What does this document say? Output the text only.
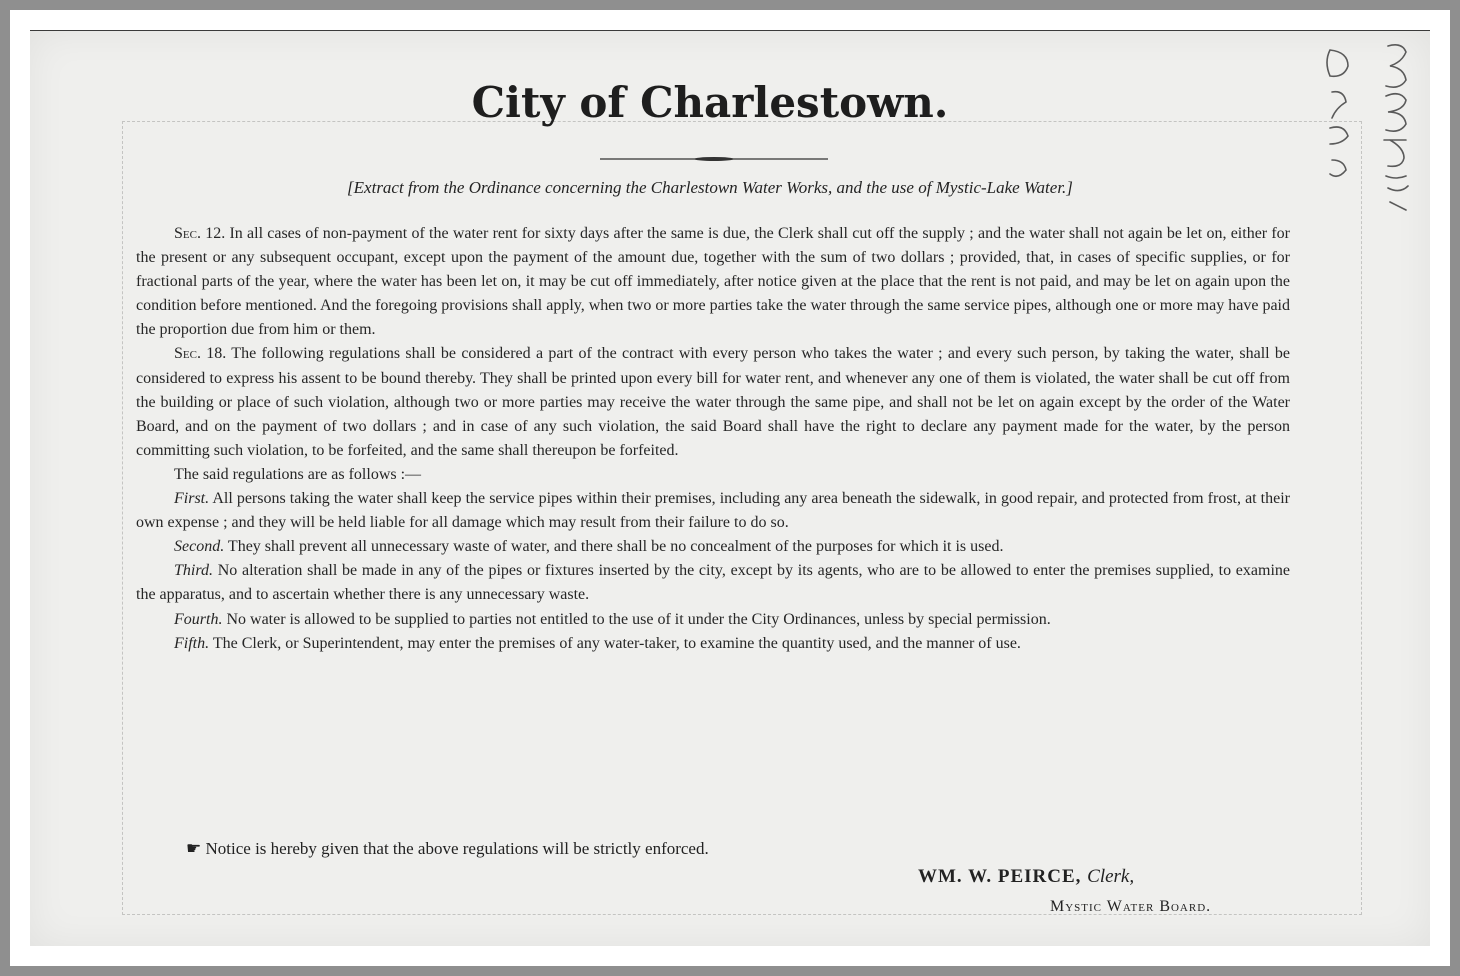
City of Charlestown.

[Extract from the Ordinance concerning the Charlestown Water Works, and the use of Mystic-Lake Water.]

Sec. 12. In all cases of non-payment of the water rent for sixty days after the same is due, the Clerk shall cut off the supply ; and the water shall not again be let on, either for the present or any subsequent occupant, except upon the payment of the amount due, together with the sum of two dollars ; provided, that, in cases of specific supplies, or for fractional parts of the year, where the water has been let on, it may be cut off immediately, after notice given at the place that the rent is not paid, and may be let on again upon the condition before mentioned. And the foregoing provisions shall apply, when two or more parties take the water through the same service pipes, although one or more may have paid the proportion due from him or them.

Sec. 18. The following regulations shall be considered a part of the contract with every person who takes the water ; and every such person, by taking the water, shall be considered to express his assent to be bound thereby. They shall be printed upon every bill for water rent, and whenever any one of them is violated, the water shall be cut off from the building or place of such violation, although two or more parties may receive the water through the same pipe, and shall not be let on again except by the order of the Water Board, and on the payment of two dollars ; and in case of any such violation, the said Board shall have the right to declare any payment made for the water, by the person committing such violation, to be forfeited, and the same shall thereupon be forfeited.

The said regulations are as follows :—

First. All persons taking the water shall keep the service pipes within their premises, including any area beneath the sidewalk, in good repair, and protected from frost, at their own expense ; and they will be held liable for all damage which may result from their failure to do so.

Second. They shall prevent all unnecessary waste of water, and there shall be no concealment of the purposes for which it is used.

Third. No alteration shall be made in any of the pipes or fixtures inserted by the city, except by its agents, who are to be allowed to enter the premises supplied, to examine the apparatus, and to ascertain whether there is any unnecessary waste.

Fourth. No water is allowed to be supplied to parties not entitled to the use of it under the City Ordinances, unless by special permission.

Fifth. The Clerk, or Superintendent, may enter the premises of any water-taker, to examine the quantity used, and the manner of use.

☛ Notice is hereby given that the above regulations will be strictly enforced.
WM. W. PEIRCE, Clerk,
Mystic Water Board.
